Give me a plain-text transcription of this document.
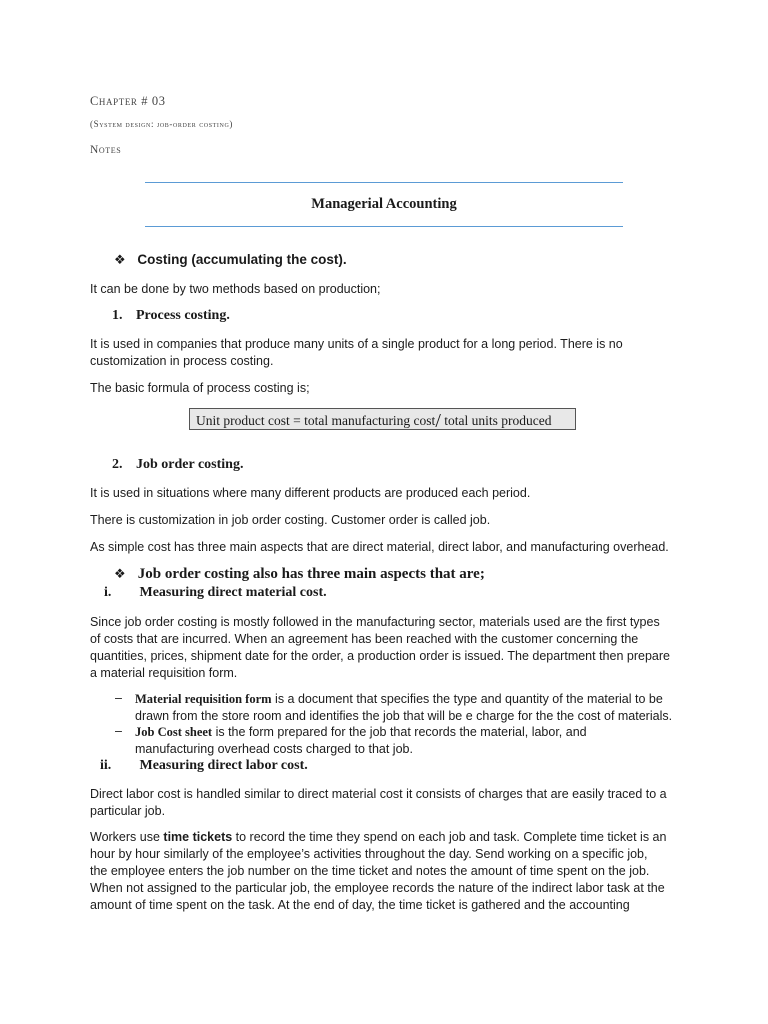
Chapter # 03
(System design: job-order costing)
Notes
Managerial Accounting
❖ Costing (accumulating the cost).
It can be done by two methods based on production;
1. Process costing.
It is used in companies that produce many units of a single product for a long period. There is no
customization in process costing.
The basic formula of process costing is;
Unit product cost = total manufacturing cost/ total units produced
2. Job order costing.
It is used in situations where many different products are produced each period.
There is customization in job order costing. Customer order is called job.
As simple cost has three main aspects that are direct material, direct labor, and manufacturing overhead.
❖ Job order costing also has three main aspects that are;
i. Measuring direct material cost.
Since job order costing is mostly followed in the manufacturing sector, materials used are the first types
of costs that are incurred. When an agreement has been reached with the customer concerning the
quantities, prices, shipment date for the order, a production order is issued. The department then prepare
a material requisition form.
– Material requisition form is a document that specifies the type and quantity of the material to be
drawn from the store room and identifies the job that will be e charge for the the cost of materials.
– Job Cost sheet is the form prepared for the job that records the material, labor, and
manufacturing overhead costs charged to that job.
ii. Measuring direct labor cost.
Direct labor cost is handled similar to direct material cost it consists of charges that are easily traced to a
particular job.
Workers use time tickets to record the time they spend on each job and task. Complete time ticket is an
hour by hour similarly of the employee’s activities throughout the day. Send working on a specific job,
the employee enters the job number on the time ticket and notes the amount of time spent on the job.
When not assigned to the particular job, the employee records the nature of the indirect labor task at the
amount of time spent on the task. At the end of day, the time ticket is gathered and the accounting
